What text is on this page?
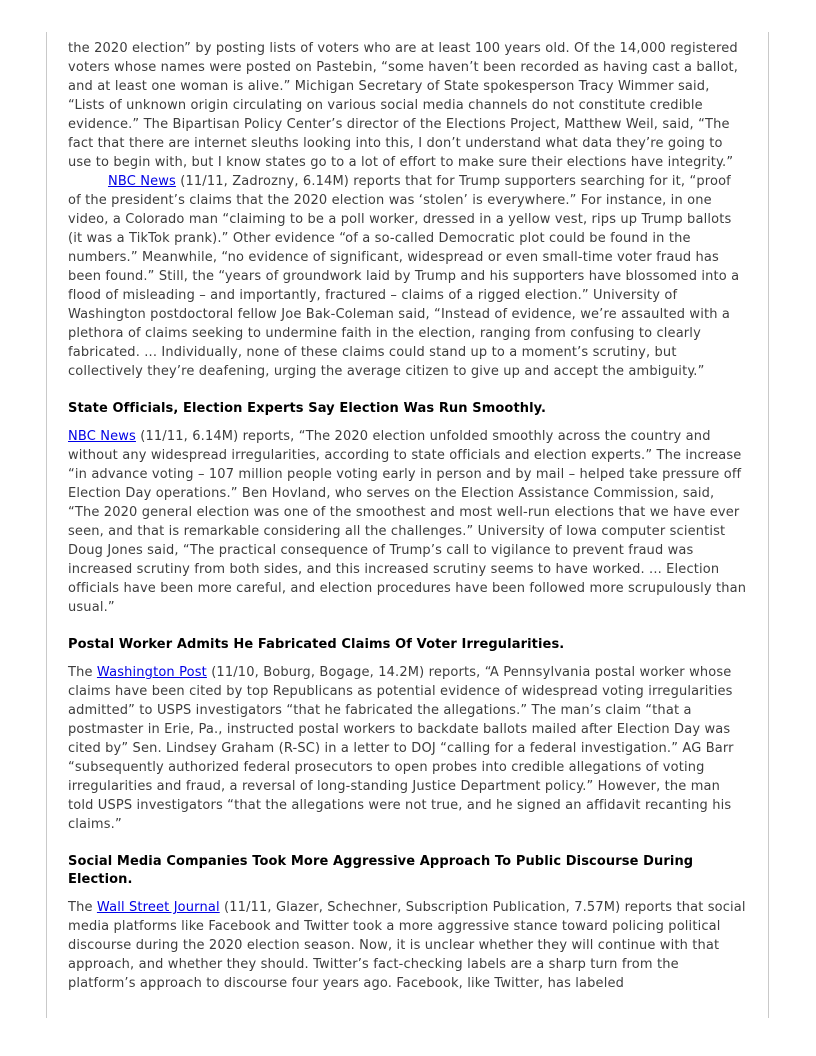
the 2020 election” by posting lists of voters who are at least 100 years old. Of the 14,000 registered voters whose names were posted on Pastebin, “some haven’t been recorded as having cast a ballot, and at least one woman is alive.” Michigan Secretary of State spokesperson Tracy Wimmer said, “Lists of unknown origin circulating on various social media channels do not constitute credible evidence.” The Bipartisan Policy Center’s director of the Elections Project, Matthew Weil, said, “The fact that there are internet sleuths looking into this, I don’t understand what data they’re going to use to begin with, but I know states go to a lot of effort to make sure their elections have integrity.”

NBC News (11/11, Zadrozny, 6.14M) reports that for Trump supporters searching for it, “proof of the president’s claims that the 2020 election was ‘stolen’ is everywhere.” For instance, in one video, a Colorado man “claiming to be a poll worker, dressed in a yellow vest, rips up Trump ballots (it was a TikTok prank).” Other evidence “of a so-called Democratic plot could be found in the numbers.” Meanwhile, “no evidence of significant, widespread or even small-time voter fraud has been found.” Still, the “years of groundwork laid by Trump and his supporters have blossomed into a flood of misleading – and importantly, fractured – claims of a rigged election.” University of Washington postdoctoral fellow Joe Bak-Coleman said, “Instead of evidence, we’re assaulted with a plethora of claims seeking to undermine faith in the election, ranging from confusing to clearly fabricated. ... Individually, none of these claims could stand up to a moment’s scrutiny, but collectively they’re deafening, urging the average citizen to give up and accept the ambiguity.”

State Officials, Election Experts Say Election Was Run Smoothly.

NBC News (11/11, 6.14M) reports, “The 2020 election unfolded smoothly across the country and without any widespread irregularities, according to state officials and election experts.” The increase “in advance voting – 107 million people voting early in person and by mail – helped take pressure off Election Day operations.” Ben Hovland, who serves on the Election Assistance Commission, said, “The 2020 general election was one of the smoothest and most well-run elections that we have ever seen, and that is remarkable considering all the challenges.” University of Iowa computer scientist Doug Jones said, “The practical consequence of Trump’s call to vigilance to prevent fraud was increased scrutiny from both sides, and this increased scrutiny seems to have worked. ... Election officials have been more careful, and election procedures have been followed more scrupulously than usual.”

Postal Worker Admits He Fabricated Claims Of Voter Irregularities.

The Washington Post (11/10, Boburg, Bogage, 14.2M) reports, “A Pennsylvania postal worker whose claims have been cited by top Republicans as potential evidence of widespread voting irregularities admitted” to USPS investigators “that he fabricated the allegations.” The man’s claim “that a postmaster in Erie, Pa., instructed postal workers to backdate ballots mailed after Election Day was cited by” Sen. Lindsey Graham (R-SC) in a letter to DOJ “calling for a federal investigation.” AG Barr “subsequently authorized federal prosecutors to open probes into credible allegations of voting irregularities and fraud, a reversal of long-standing Justice Department policy.” However, the man told USPS investigators “that the allegations were not true, and he signed an affidavit recanting his claims.”

Social Media Companies Took More Aggressive Approach To Public Discourse During Election.

The Wall Street Journal (11/11, Glazer, Schechner, Subscription Publication, 7.57M) reports that social media platforms like Facebook and Twitter took a more aggressive stance toward policing political discourse during the 2020 election season. Now, it is unclear whether they will continue with that approach, and whether they should. Twitter’s fact-checking labels are a sharp turn from the platform’s approach to discourse four years ago. Facebook, like Twitter, has labeled
